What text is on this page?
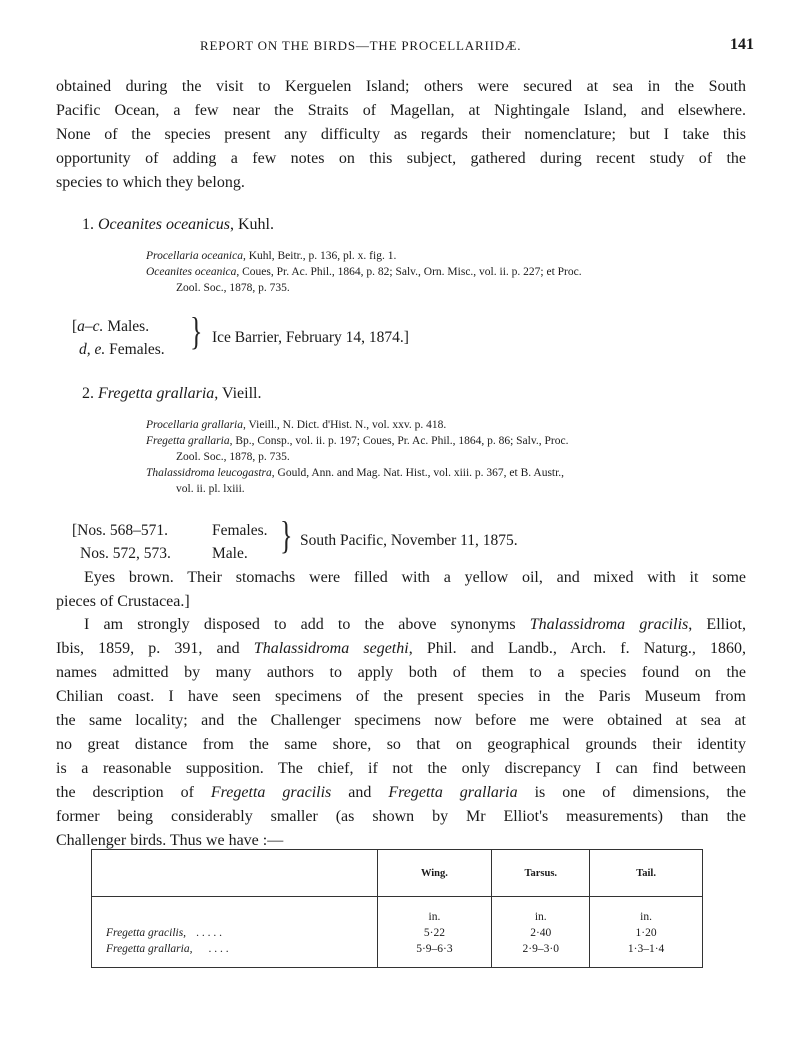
REPORT ON THE BIRDS—THE PROCELLARIIDÆ.	141
obtained during the visit to Kerguelen Island; others were secured at sea in the South
Pacific Ocean, a few near the Straits of Magellan, at Nightingale Island, and elsewhere.
None of the species present any difficulty as regards their nomenclature; but I take this
opportunity of adding a few notes on this subject, gathered during recent study of the
species to which they belong.
1. Oceanites oceanicus, Kuhl.
Procellaria oceanica, Kuhl, Beitr., p. 136, pl. x. fig. 1.
Oceanites oceanica, Coues, Pr. Ac. Phil., 1864, p. 82; Salv., Orn. Misc., vol. ii. p. 227; et Proc.
Zool. Soc., 1878, p. 735.
[a–c. Males.
d, e. Females. } Ice Barrier, February 14, 1874.]
2. Fregetta grallaria, Vieill.
Procellaria grallaria, Vieill., N. Dict. d'Hist. N., vol. xxv. p. 418.
Fregetta grallaria, Bp., Consp., vol. ii. p. 197; Coues, Pr. Ac. Phil., 1864, p. 86; Salv., Proc.
Zool. Soc., 1878, p. 735.
Thalassidroma leucogastra, Gould, Ann. and Mag. Nat. Hist., vol. xiii. p. 367, et B. Austr.,
vol. ii. pl. lxiii.
[Nos. 568–571.	Females.
Nos. 572, 573.	Male. } South Pacific, November 11, 1875.
Eyes brown. Their stomachs were filled with a yellow oil, and mixed with it some
pieces of Crustacea.]
I am strongly disposed to add to the above synonyms Thalassidroma gracilis, Elliot,
Ibis, 1859, p. 391, and Thalassidroma segethi, Phil. and Landb., Arch. f. Naturg., 1860,
names admitted by many authors to apply both of them to a species found on the
Chilian coast. I have seen specimens of the present species in the Paris Museum from
the same locality; and the Challenger specimens now before me were obtained at sea at
no great distance from the same shore, so that on geographical grounds their identity
is a reasonable supposition. The chief, if not the only discrepancy I can find between
the description of Fregetta gracilis and Fregetta grallaria is one of dimensions, the
former being considerably smaller (as shown by Mr Elliot's measurements) than the
Challenger birds. Thus we have :—
	Wing.	Tarsus.	Tail.
	in.	in.	in.
Fregetta gracilis, . . . . .	5·22	2·40	1·20
Fregetta grallaria, . . . .	5·9–6·3	2·9–3·0	1·3–1·4
